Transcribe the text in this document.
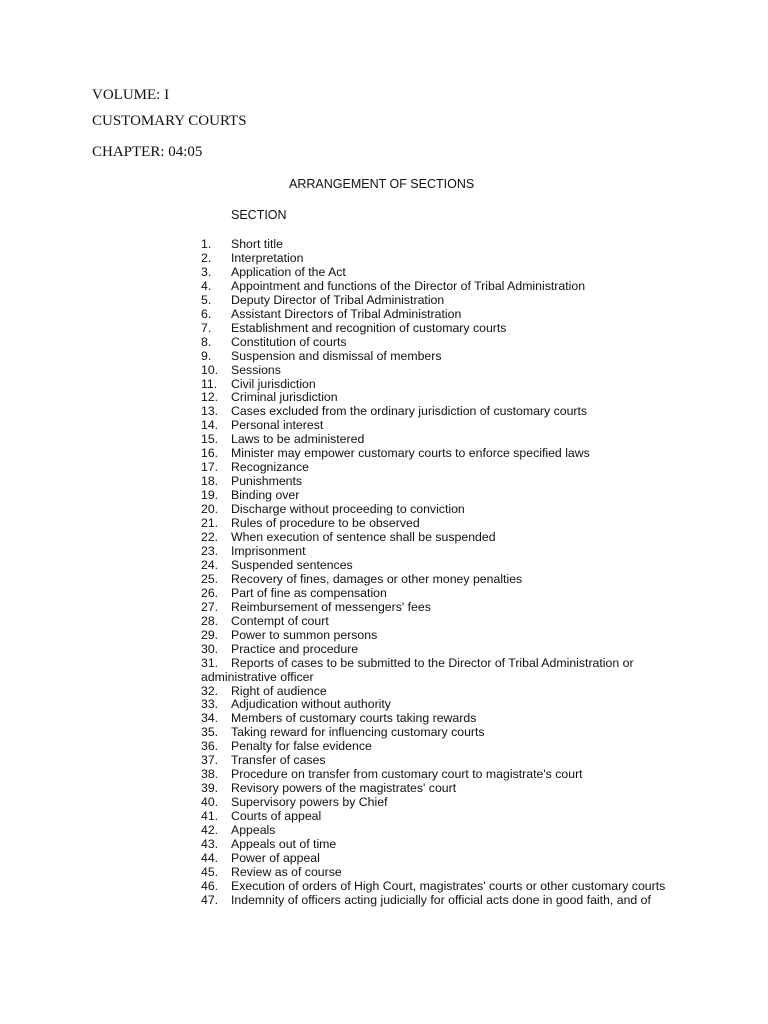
VOLUME: I
CUSTOMARY COURTS
CHAPTER: 04:05
ARRANGEMENT OF SECTIONS
SECTION
1.	Short title
2.	Interpretation
3.	Application of the Act
4.	Appointment and functions of the Director of Tribal Administration
5.	Deputy Director of Tribal Administration
6.	Assistant Directors of Tribal Administration
7.	Establishment and recognition of customary courts
8.	Constitution of courts
9.	Suspension and dismissal of members
10.	Sessions
11.	Civil jurisdiction
12.	Criminal jurisdiction
13.	Cases excluded from the ordinary jurisdiction of customary courts
14.	Personal interest
15.	Laws to be administered
16.	Minister may empower customary courts to enforce specified laws
17.	Recognizance
18.	Punishments
19.	Binding over
20.	Discharge without proceeding to conviction
21.	Rules of procedure to be observed
22.	When execution of sentence shall be suspended
23.	Imprisonment
24.	Suspended sentences
25.	Recovery of fines, damages or other money penalties
26.	Part of fine as compensation
27.	Reimbursement of messengers' fees
28.	Contempt of court
29.	Power to summon persons
30.	Practice and procedure
31. Reports of cases to be submitted to the Director of Tribal Administration or administrative officer
32.	Right of audience
33.	Adjudication without authority
34.	Members of customary courts taking rewards
35.	Taking reward for influencing customary courts
36.	Penalty for false evidence
37.	Transfer of cases
38.	Procedure on transfer from customary court to magistrate's court
39.	Revisory powers of the magistrates' court
40.	Supervisory powers by Chief
41.	Courts of appeal
42.	Appeals
43.	Appeals out of time
44.	Power of appeal
45.	Review as of course
46. Execution of orders of High Court, magistrates' courts or other customary courts
47.	Indemnity of officers acting judicially for official acts done in good faith, and of
